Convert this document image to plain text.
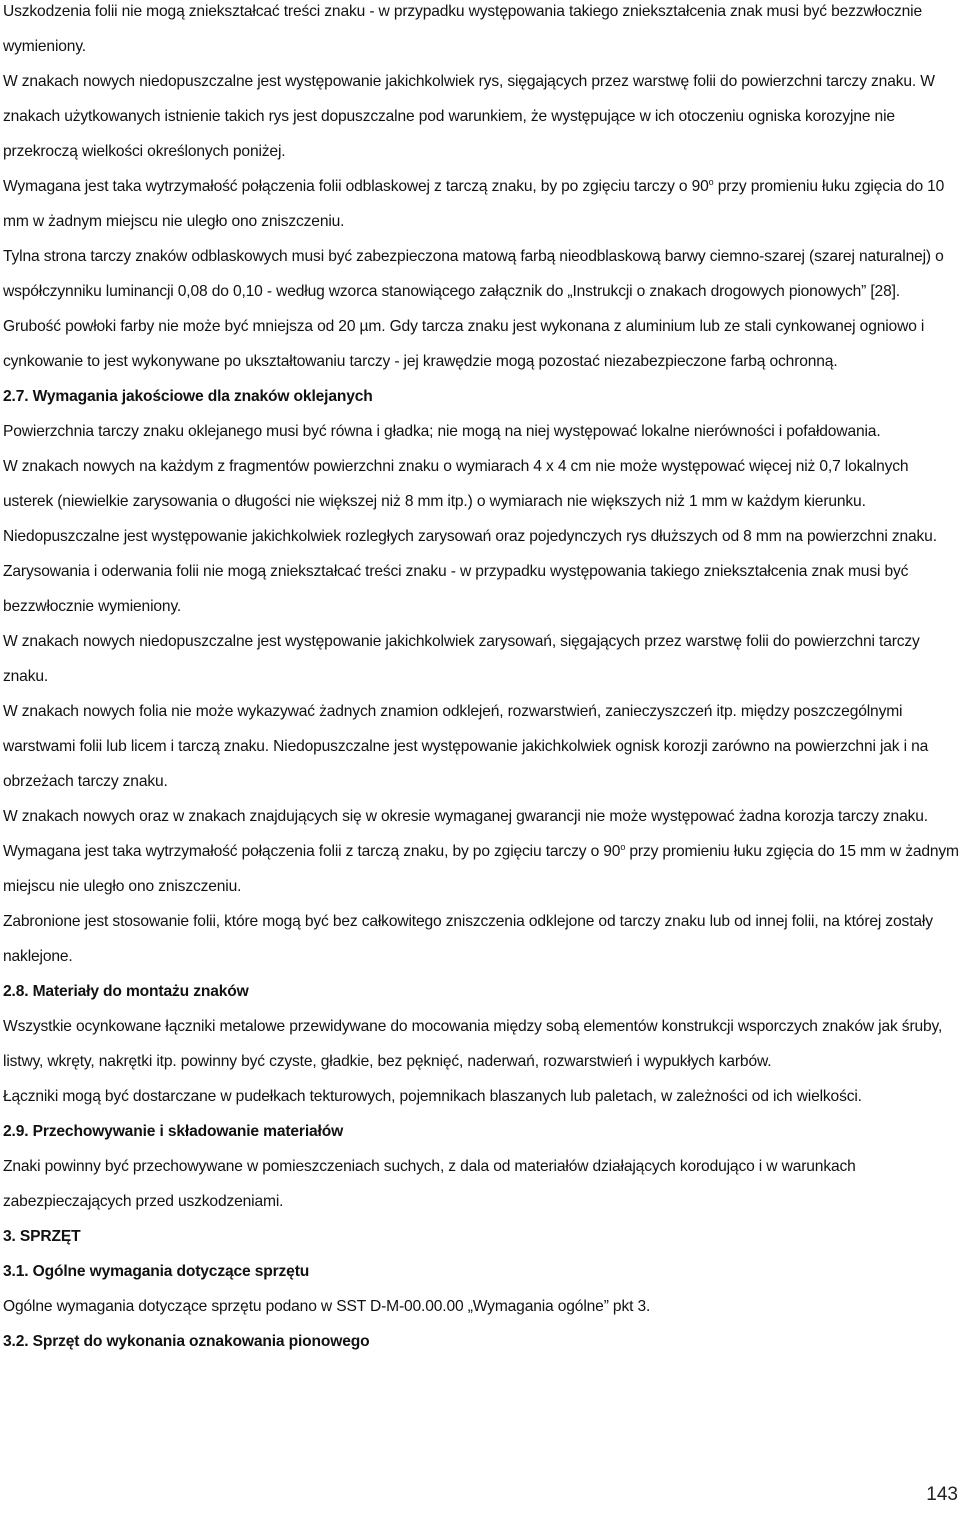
Uszkodzenia folii nie mogą zniekształcać treści znaku - w przypadku występowania takiego zniekształcenia znak musi być bezzwłocznie wymieniony.

W znakach nowych niedopuszczalne jest występowanie jakichkolwiek rys, sięgających przez warstwę folii do powierzchni tarczy znaku. W znakach użytkowanych istnienie takich rys jest dopuszczalne pod warunkiem, że występujące w ich otoczeniu ogniska korozyjne nie przekroczą wielkości określonych poniżej.

Wymagana jest taka wytrzymałość połączenia folii odblaskowej z tarczą znaku, by po zgięciu tarczy o 90$^o$ przy promieniu łuku zgięcia do 10 mm w żadnym miejscu nie uległo ono zniszczeniu.

Tylna strona tarczy znaków odblaskowych musi być zabezpieczona matową farbą nieodblaskową barwy ciemno-szarej (szarej naturalnej) o współczynniku luminancji 0,08 do 0,10 - według wzorca stanowiącego załącznik do „Instrukcji o znakach drogowych pionowych” [28]. Grubość powłoki farby nie może być mniejsza od 20 µm. Gdy tarcza znaku jest wykonana z aluminium lub ze stali cynkowanej ogniowo i cynkowanie to jest wykonywane po ukształtowaniu tarczy - jej krawędzie mogą pozostać niezabezpieczone farbą ochronną.

2.7. Wymagania jakościowe dla znaków oklejanych

Powierzchnia tarczy znaku oklejanego musi być równa i gładka; nie mogą na niej występować lokalne nierówności i pofałdowania.

W znakach nowych na każdym z fragmentów powierzchni znaku o wymiarach 4 x 4 cm nie może występować więcej niż 0,7 lokalnych usterek (niewielkie zarysowania o długości nie większej niż 8 mm itp.) o wymiarach nie większych niż 1 mm w każdym kierunku. Niedopuszczalne jest występowanie jakichkolwiek rozległych zarysowań oraz pojedynczych rys dłuższych od 8 mm na powierzchni znaku. Zarysowania i oderwania folii nie mogą zniekształcać treści znaku - w przypadku występowania takiego zniekształcenia znak musi być bezzwłocznie wymieniony.

W znakach nowych niedopuszczalne jest występowanie jakichkolwiek zarysowań, sięgających przez warstwę folii do powierzchni tarczy znaku.

W znakach nowych folia nie może wykazywać żadnych znamion odklejeń, rozwarstwień, zanieczyszczeń itp. między poszczególnymi warstwami folii lub licem i tarczą znaku. Niedopuszczalne jest występowanie jakichkolwiek ognisk korozji zarówno na powierzchni jak i na obrzeżach tarczy znaku.

W znakach nowych oraz w znakach znajdujących się w okresie wymaganej gwarancji nie może występować żadna korozja tarczy znaku.

Wymagana jest taka wytrzymałość połączenia folii z tarczą znaku, by po zgięciu tarczy o 90$^o$ przy promieniu łuku zgięcia do 15 mm w żadnym miejscu nie uległo ono zniszczeniu.

Zabronione jest stosowanie folii, które mogą być bez całkowitego zniszczenia odklejone od tarczy znaku lub od innej folii, na której zostały naklejone.

2.8. Materiały do montażu znaków

Wszystkie ocynkowane łączniki metalowe przewidywane do mocowania między sobą elementów konstrukcji wsporczych znaków jak śruby, listwy, wkręty, nakrętki itp. powinny być czyste, gładkie, bez pęknięć, naderwań, rozwarstwień i wypukłych karbów.

Łączniki mogą być dostarczane w pudełkach tekturowych, pojemnikach blaszanych lub paletach, w zależności od ich wielkości.

2.9. Przechowywanie i składowanie materiałów

Znaki powinny być przechowywane w pomieszczeniach suchych, z dala od materiałów działających korodująco i w warunkach zabezpieczających przed uszkodzeniami.

3. SPRZĘT
3.1. Ogólne wymagania dotyczące sprzętu

Ogólne wymagania dotyczące sprzętu podano w SST D-M-00.00.00 „Wymagania ogólne” pkt 3.

3.2. Sprzęt do wykonania oznakowania pionowego
143
